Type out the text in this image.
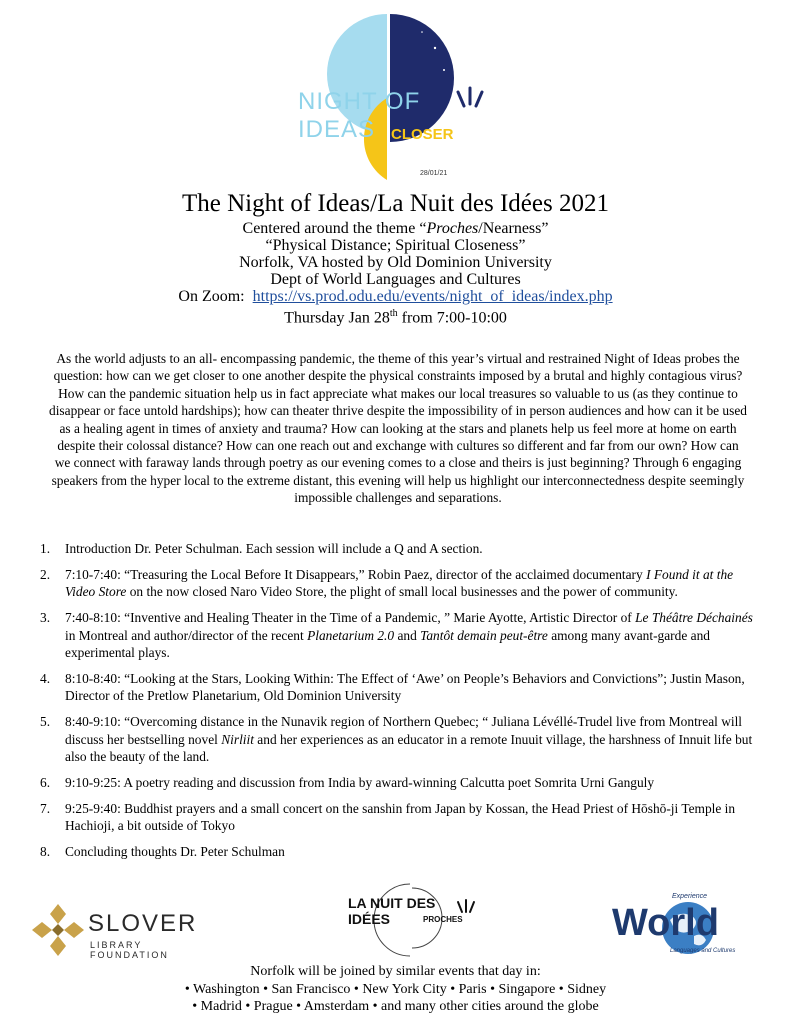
NIGHT OF IDEAS	CLOSER
28/01/21
The Night of Ideas/La Nuit des Idées 2021
Centered around the theme “Proches/Nearness”
“Physical Distance; Spiritual Closeness”
Norfolk, VA hosted by Old Dominion University
Dept of World Languages and Cultures
On Zoom: https://vs.prod.odu.edu/events/night_of_ideas/index.php
Thursday Jan 28th from 7:00-10:00

As the world adjusts to an all- encompassing pandemic, the theme of this year’s virtual and restrained Night of Ideas probes the question: how can we get closer to one another despite the physical constraints imposed by a brutal and highly contagious virus? How can the pandemic situation help us in fact appreciate what makes our local treasures so valuable to us (as they continue to disappear or face untold hardships); how can theater thrive despite the impossibility of in person audiences and how can it be used as a healing agent in times of anxiety and trauma? How can looking at the stars and planets help us feel more at home on earth despite their colossal distance? How can one reach out and exchange with cultures so different and far from our own? How can we connect with faraway lands through poetry as our evening comes to a close and theirs is just beginning? Through 6 engaging speakers from the hyper local to the extreme distant, this evening will help us highlight our interconnectedness despite seemingly impossible challenges and separations.

1.	Introduction Dr. Peter Schulman. Each session will include a Q and A section.
2.	7:10-7:40: “Treasuring the Local Before It Disappears,” Robin Paez, director of the acclaimed documentary I Found it at the Video Store on the now closed Naro Video Store, the plight of small local businesses and the power of community.
3.	7:40-8:10: “Inventive and Healing Theater in the Time of a Pandemic, ” Marie Ayotte, Artistic Director of Le Théâtre Déchainés in Montreal and author/director of the recent Planetarium 2.0 and Tantôt demain peut-être among many avant-garde and experimental plays.
4.	8:10-8:40: “Looking at the Stars, Looking Within: The Effect of ‘Awe’ on People’s Behaviors and Convictions”; Justin Mason, Director of the Pretlow Planetarium, Old Dominion University
5.	8:40-9:10: “Overcoming distance in the Nunavik region of Northern Quebec; “ Juliana Lévéllé-Trudel live from Montreal will discuss her bestselling novel Nirliit and her experiences as an educator in a remote Inuuit village, the harshness of Innuit life but also the beauty of the land.
6.	9:10-9:25: A poetry reading and discussion from India by award-winning Calcutta poet Somrita Urni Ganguly
7.	9:25-9:40: Buddhist prayers and a small concert on the sanshin from Japan by Kossan, the Head Priest of Hōshō-ji Temple in Hachioji, a bit outside of Tokyo
8.	Concluding thoughts Dr. Peter Schulman
SLOVER
LIBRARY FOUNDATION
LA NUIT DES IDÉES	PROCHES
Experience
World
Languages and Cultures
Norfolk will be joined by similar events that day in:
• Washington • San Francisco • New York City • Paris • Singapore • Sidney
• Madrid • Prague • Amsterdam • and many other cities around the globe
